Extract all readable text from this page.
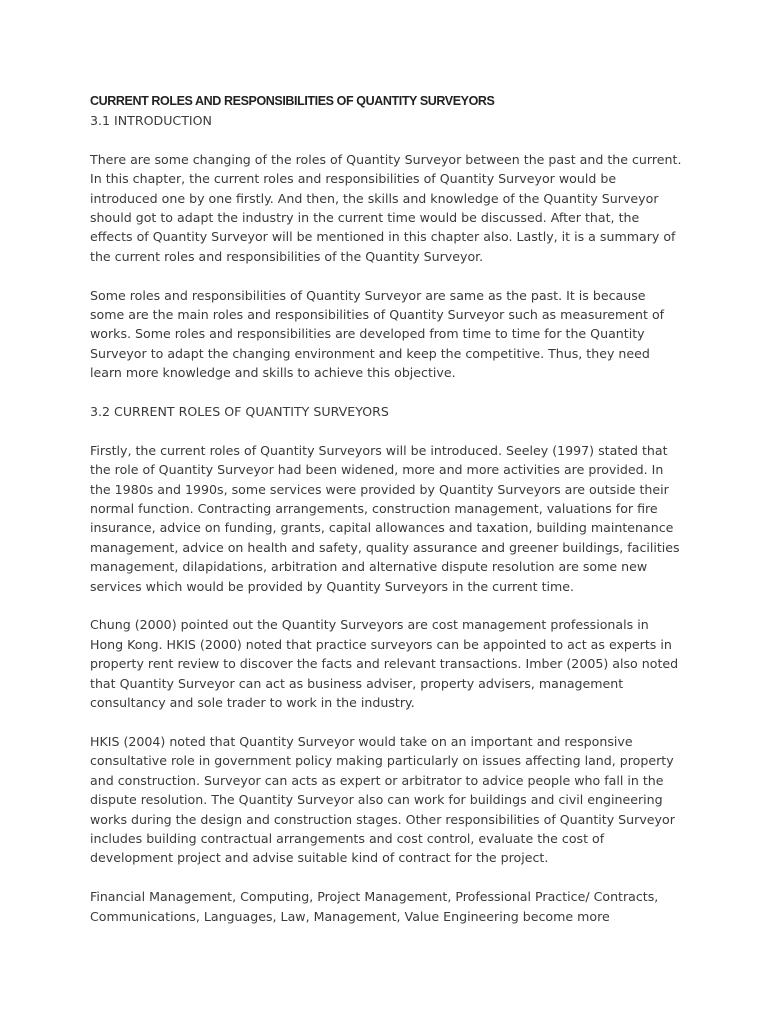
CURRENT ROLES AND RESPONSIBILITIES OF QUANTITY SURVEYORS

3.1 INTRODUCTION

There are some changing of the roles of Quantity Surveyor between the past and the current. In this chapter, the current roles and responsibilities of Quantity Surveyor would be introduced one by one firstly. And then, the skills and knowledge of the Quantity Surveyor should got to adapt the industry in the current time would be discussed. After that, the effects of Quantity Surveyor will be mentioned in this chapter also. Lastly, it is a summary of the current roles and responsibilities of the Quantity Surveyor.

Some roles and responsibilities of Quantity Surveyor are same as the past. It is because some are the main roles and responsibilities of Quantity Surveyor such as measurement of works. Some roles and responsibilities are developed from time to time for the Quantity Surveyor to adapt the changing environment and keep the competitive. Thus, they need learn more knowledge and skills to achieve this objective.

3.2 CURRENT ROLES OF QUANTITY SURVEYORS

Firstly, the current roles of Quantity Surveyors will be introduced. Seeley (1997) stated that the role of Quantity Surveyor had been widened, more and more activities are provided. In the 1980s and 1990s, some services were provided by Quantity Surveyors are outside their normal function. Contracting arrangements, construction management, valuations for fire insurance, advice on funding, grants, capital allowances and taxation, building maintenance management, advice on health and safety, quality assurance and greener buildings, facilities management, dilapidations, arbitration and alternative dispute resolution are some new services which would be provided by Quantity Surveyors in the current time.

Chung (2000) pointed out the Quantity Surveyors are cost management professionals in Hong Kong. HKIS (2000) noted that practice surveyors can be appointed to act as experts in property rent review to discover the facts and relevant transactions. Imber (2005) also noted that Quantity Surveyor can act as business adviser, property advisers, management consultancy and sole trader to work in the industry.

HKIS (2004) noted that Quantity Surveyor would take on an important and responsive consultative role in government policy making particularly on issues affecting land, property and construction. Surveyor can acts as expert or arbitrator to advice people who fall in the dispute resolution. The Quantity Surveyor also can work for buildings and civil engineering works during the design and construction stages. Other responsibilities of Quantity Surveyor includes building contractual arrangements and cost control, evaluate the cost of development project and advise suitable kind of contract for the project.

Financial Management, Computing, Project Management, Professional Practice/ Contracts, Communications, Languages, Law, Management, Value Engineering become more
